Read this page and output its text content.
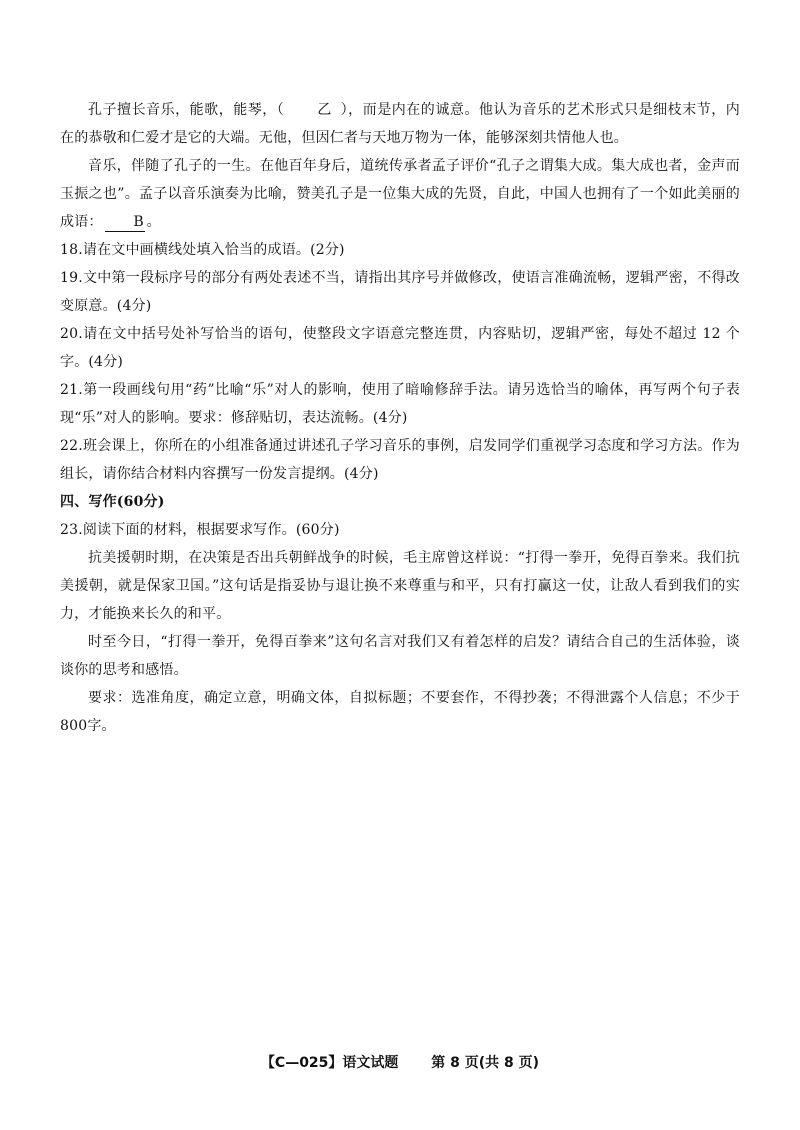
孔子擅长音乐，能歌，能琴，（ 乙 ），而是内在的诚意。他认为音乐的艺术形式只是细枝末节，内在的恭敬和仁爱才是它的大端。无他，但因仁者与天地万物为一体，能够深刻共情他人也。

音乐，伴随了孔子的一生。在他百年身后，道统传承者孟子评价“孔子之谓集大成。集大成也者，金声而玉振之也”。孟子以音乐演奏为比喻，赞美孔子是一位集大成的先贤，自此，中国人也拥有了一个如此美丽的成语： B 。

18.请在文中画横线处填入恰当的成语。(2分)

19.文中第一段标序号的部分有两处表述不当，请指出其序号并做修改，使语言准确流畅，逻辑严密，不得改变原意。(4分)

20.请在文中括号处补写恰当的语句，使整段文字语意完整连贯，内容贴切，逻辑严密，每处不超过 12 个字。(4分)

21.第一段画线句用“药”比喻“乐”对人的影响，使用了暗喻修辞手法。请另选恰当的喻体，再写两个句子表现“乐”对人的影响。要求：修辞贴切，表达流畅。(4分)

22.班会课上，你所在的小组准备通过讲述孔子学习音乐的事例，启发同学们重视学习态度和学习方法。作为组长，请你结合材料内容撰写一份发言提纲。(4分)

四、写作(60分)

23.阅读下面的材料，根据要求写作。(60分)

抗美援朝时期，在决策是否出兵朝鲜战争的时候，毛主席曾这样说：“打得一拳开，免得百拳来。我们抗美援朝，就是保家卫国。”这句话是指妥协与退让换不来尊重与和平，只有打赢这一仗，让敌人看到我们的实力，才能换来长久的和平。

时至今日，“打得一拳开，免得百拳来”这句名言对我们又有着怎样的启发？请结合自己的生活体验，谈谈你的思考和感悟。

要求：选准角度，确定立意，明确文体，自拟标题；不要套作，不得抄袭；不得泄露个人信息；不少于800字。

【C—025】语文试题 第 8 页(共 8 页)
